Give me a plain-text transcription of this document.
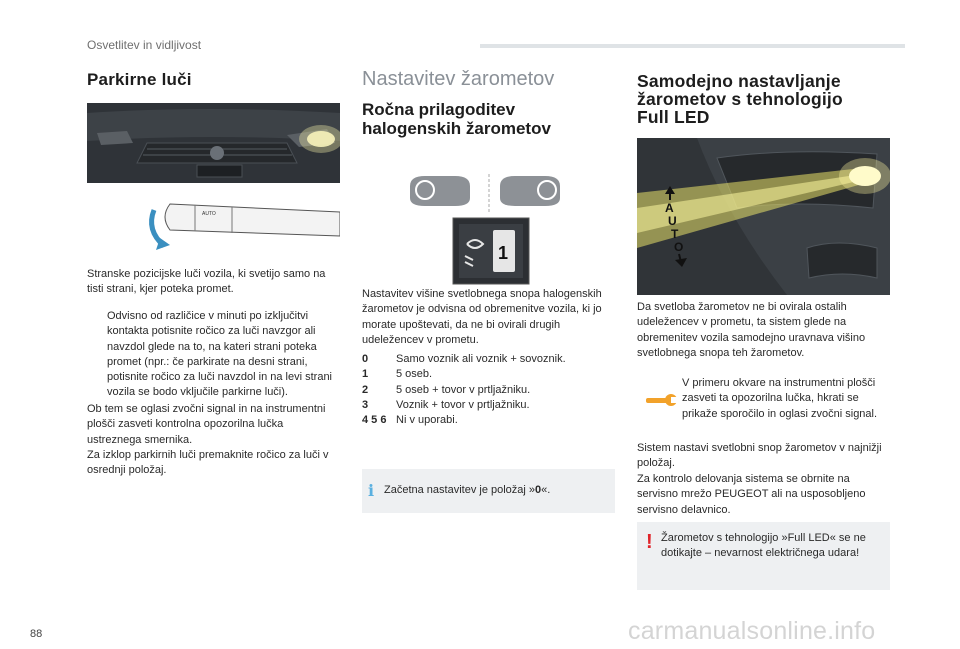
Osvetlitev in vidljivost
Parkirne luči
AUTO

Stranske pozicijske luči vozila, ki svetijo samo na tisti strani, kjer poteka promet.

Odvisno od različice v minuti po izključitvi kontakta potisnite ročico za luči navzgor ali navzdol glede na to, na kateri strani poteka promet (npr.: če parkirate na desni strani, potisnite ročico za luči navzdol in na levi strani vozila se bodo vključile parkirne luči).

Ob tem se oglasi zvočni signal in na instrumentni plošči zasveti kontrolna opozorilna lučka ustreznega smernika.

Za izklop parkirnih luči premaknite ročico za luči v osrednji položaj.

Nastavitev žarometov
Ročna prilagoditev halogenskih žarometov
1

Nastavitev višine svetlobnega snopa halogenskih žarometov je odvisna od obremenitve vozila, ki jo morate upoštevati, da ne bi ovirali drugih udeležencev v prometu.

0	Samo voznik ali voznik + sovoznik.
1	5 oseb.
2	5 oseb + tovor v prtljažniku.
3	Voznik + tovor v prtljažniku.
4 5 6 Ni v uporabi.
i Začetna nastavitev je položaj »0«.

Samodejno nastavljanje žarometov s tehnologijo Full LED
A
U
T
O

Da svetloba žarometov ne bi ovirala ostalih udeležencev v prometu, ta sistem glede na obremenitev vozila samodejno uravnava višino svetlobnega snopa teh žarometov.

V primeru okvare na instrumentni plošči zasveti ta opozorilna lučka, hkrati se prikaže sporočilo in oglasi zvočni signal.

Sistem nastavi svetlobni snop žarometov v najnižji položaj.

Za kontrolo delovanja sistema se obrnite na servisno mrežo PEUGEOT ali na usposobljeno servisno delavnico.

! Žarometov s tehnologijo »Full LED« se ne dotikajte – nevarnost električnega udara!

88	carmanualsonline.info
